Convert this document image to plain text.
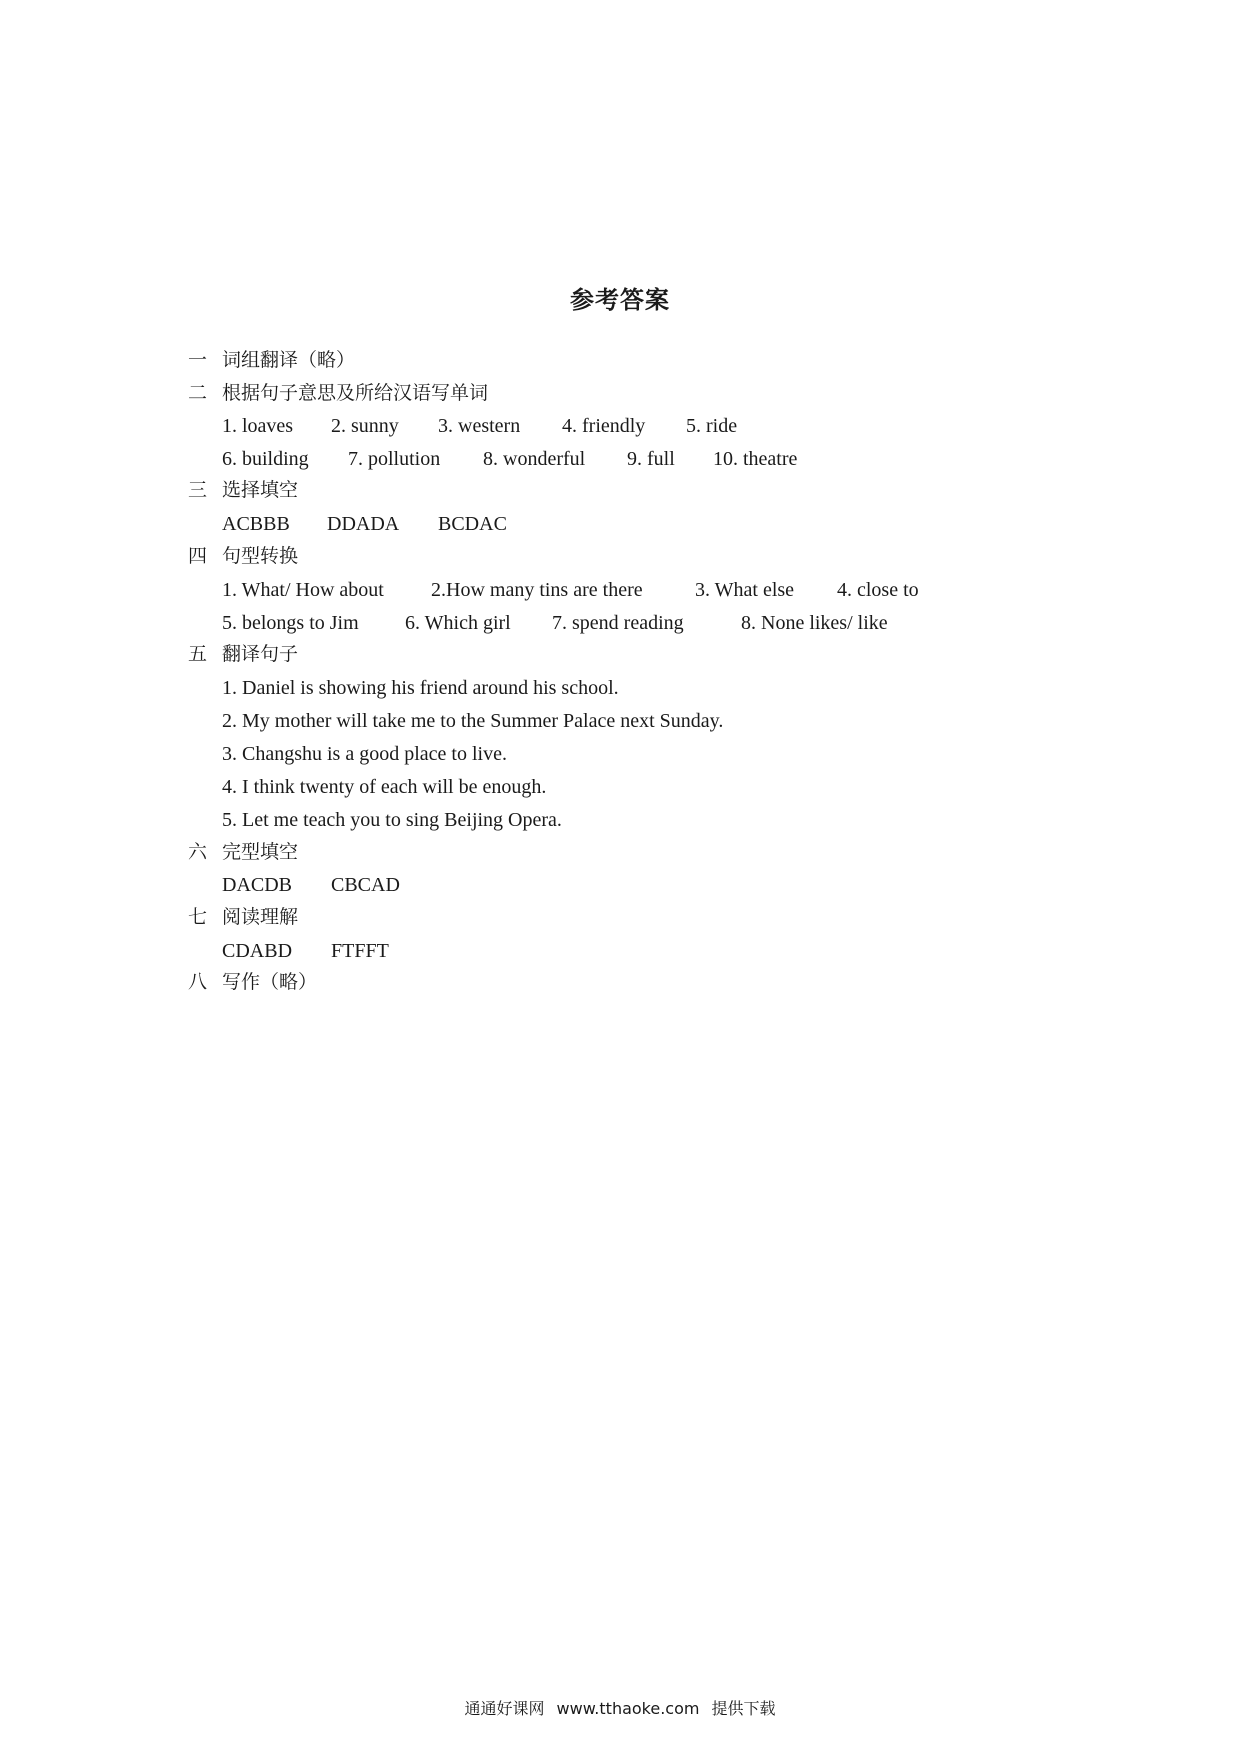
参考答案
一 词组翻译（略）
二 根据句子意思及所给汉语写单词
1. loaves 2. sunny 3. western 4. friendly 5. ride
6. building 7. pollution 8. wonderful 9. full 10. theatre
三 选择填空
ACBBB DDADA BCDAC
四 句型转换
1. What/ How about 2.How many tins are there	3. What else 4. close to
5. belongs to Jim 6. Which girl 7. spend reading	8. None likes/ like
五 翻译句子
1. Daniel is showing his friend around his school.
2. My mother will take me to the Summer Palace next Sunday.
3. Changshu is a good place to live.
4. I think twenty of each will be enough.
5. Let me teach you to sing Beijing Opera.
六 完型填空
DACDB CBCAD
七 阅读理解
CDABD FTFFT
八 写作（略）
通通好课网 www.tthaoke.com 提供下载
